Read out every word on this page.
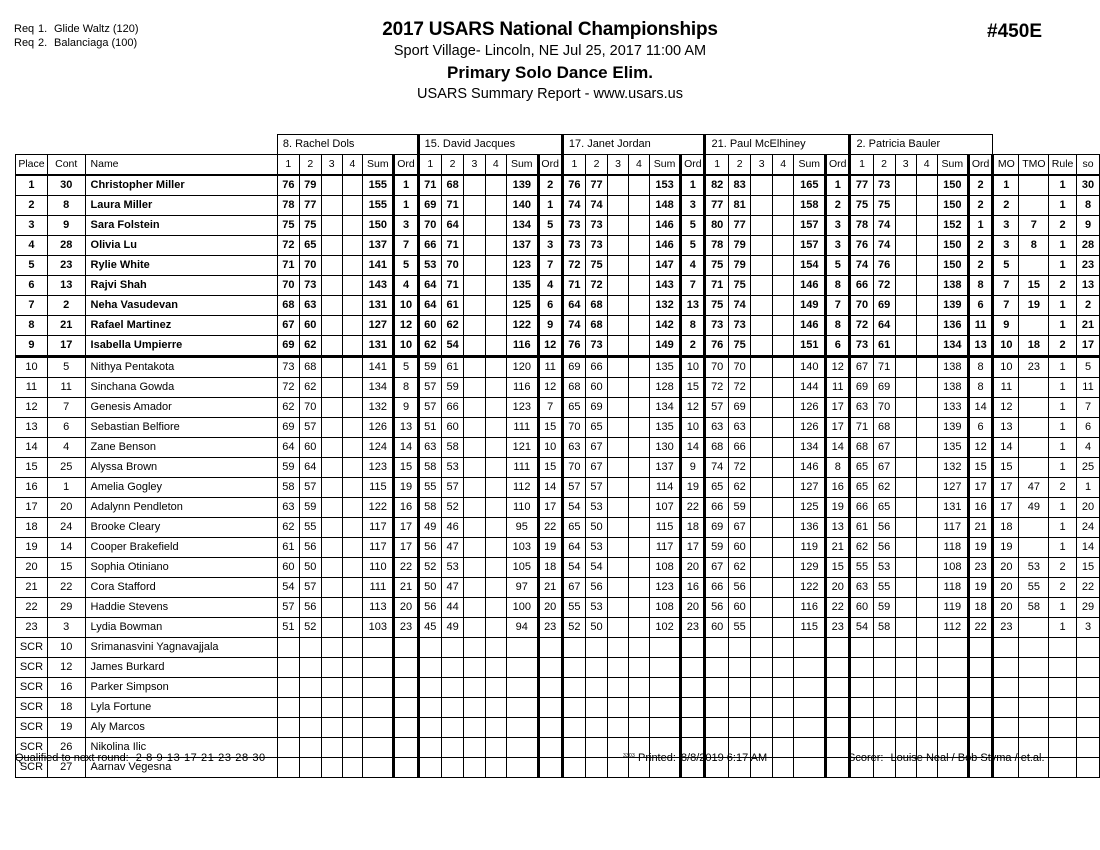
Req 1. Glide Waltz (120)
Req 2. Balanciaga (100)
2017 USARS National Championships
Sport Village- Lincoln, NE Jul 25, 2017 11:00 AM
Primary Solo Dance Elim.
USARS Summary Report - www.usars.us
#450E
			8. Rachel Dols						15. David Jacques						17. Janet Jordan						21. Paul McElhiney						2. Patricia Bauler									
Place	Cont	Name	1	2	3	4	Sum	Ord	1	2	3	4	Sum	Ord	1	2	3	4	Sum	Ord	1	2	3	4	Sum	Ord	1	2	3	4	Sum	Ord	MO	TMO	Rule	so
1	30	Christopher Miller	76	79			155	1	71	68			139	2	76	77			153	1	82	83			165	1	77	73			150	2	1		1	30
2	8	Laura Miller	78	77			155	1	69	71			140	1	74	74			148	3	77	81			158	2	75	75			150	2	2		1	8
3	9	Sara Folstein	75	75			150	3	70	64			134	5	73	73			146	5	80	77			157	3	78	74			152	1	3	7	2	9
4	28	Olivia Lu	72	65			137	7	66	71			137	3	73	73			146	5	78	79			157	3	76	74			150	2	3	8	1	28
5	23	Rylie White	71	70			141	5	53	70			123	7	72	75			147	4	75	79			154	5	74	76			150	2	5		1	23
6	13	Rajvi Shah	70	73			143	4	64	71			135	4	71	72			143	7	71	75			146	8	66	72			138	8	7	15	2	13
7	2	Neha Vasudevan	68	63			131	10	64	61			125	6	64	68			132	13	75	74			149	7	70	69			139	6	7	19	1	2
8	21	Rafael Martinez	67	60			127	12	60	62			122	9	74	68			142	8	73	73			146	8	72	64			136	11	9		1	21
9	17	Isabella Umpierre	69	62			131	10	62	54			116	12	76	73			149	2	76	75			151	6	73	61			134	13	10	18	2	17
10	5	Nithya Pentakota	73	68			141	5	59	61			120	11	69	66			135	10	70	70			140	12	67	71			138	8	10	23	1	5
11	11	Sinchana Gowda	72	62			134	8	57	59			116	12	68	60			128	15	72	72			144	11	69	69			138	8	11		1	11
12	7	Genesis Amador	62	70			132	9	57	66			123	7	65	69			134	12	57	69			126	17	63	70			133	14	12		1	7
13	6	Sebastian Belfiore	69	57			126	13	51	60			111	15	70	65			135	10	63	63			126	17	71	68			139	6	13		1	6
14	4	Zane Benson	64	60			124	14	63	58			121	10	63	67			130	14	68	66			134	14	68	67			135	12	14		1	4
15	25	Alyssa Brown	59	64			123	15	58	53			111	15	70	67			137	9	74	72			146	8	65	67			132	15	15		1	25
16	1	Amelia Gogley	58	57			115	19	55	57			112	14	57	57			114	19	65	62			127	16	65	62			127	17	17	47	2	1
17	20	Adalynn Pendleton	63	59			122	16	58	52			110	17	54	53			107	22	66	59			125	19	66	65			131	16	17	49	1	20
18	24	Brooke Cleary	62	55			117	17	49	46			95	22	65	50			115	18	69	67			136	13	61	56			117	21	18		1	24
19	14	Cooper Brakefield	61	56			117	17	56	47			103	19	64	53			117	17	59	60			119	21	62	56			118	19	19		1	14
20	15	Sophia Otiniano	60	50			110	22	52	53			105	18	54	54			108	20	67	62			129	15	55	53			108	23	20	53	2	15
21	22	Cora Stafford	54	57			111	21	50	47			97	21	67	56			123	16	66	56			122	20	63	55			118	19	20	55	2	22
22	29	Haddie Stevens	57	56			113	20	56	44			100	20	55	53			108	20	56	60			116	22	60	59			119	18	20	58	1	29
23	3	Lydia Bowman	51	52			103	23	45	49			94	23	52	50			102	23	60	55			115	23	54	58			112	22	23		1	3
SCR	10	Srimanasvini Yagnavajjala																																		
SCR	12	James Burkard																																		
SCR	16	Parker Simpson																																		
SCR	18	Lyla Fortune																																		
SCR	19	Aly Marcos																																		
SCR	26	Nikolina Ilic																																		
SCR	27	Aarnav Vegesna																																		
Qualified to next round: 2 8 9 13 17 21 23 28 30	$^{3303}$ Printed: 8/8/2019 6:17 AM	Scorer: Louise Neal / Bob Styma / et.al.
